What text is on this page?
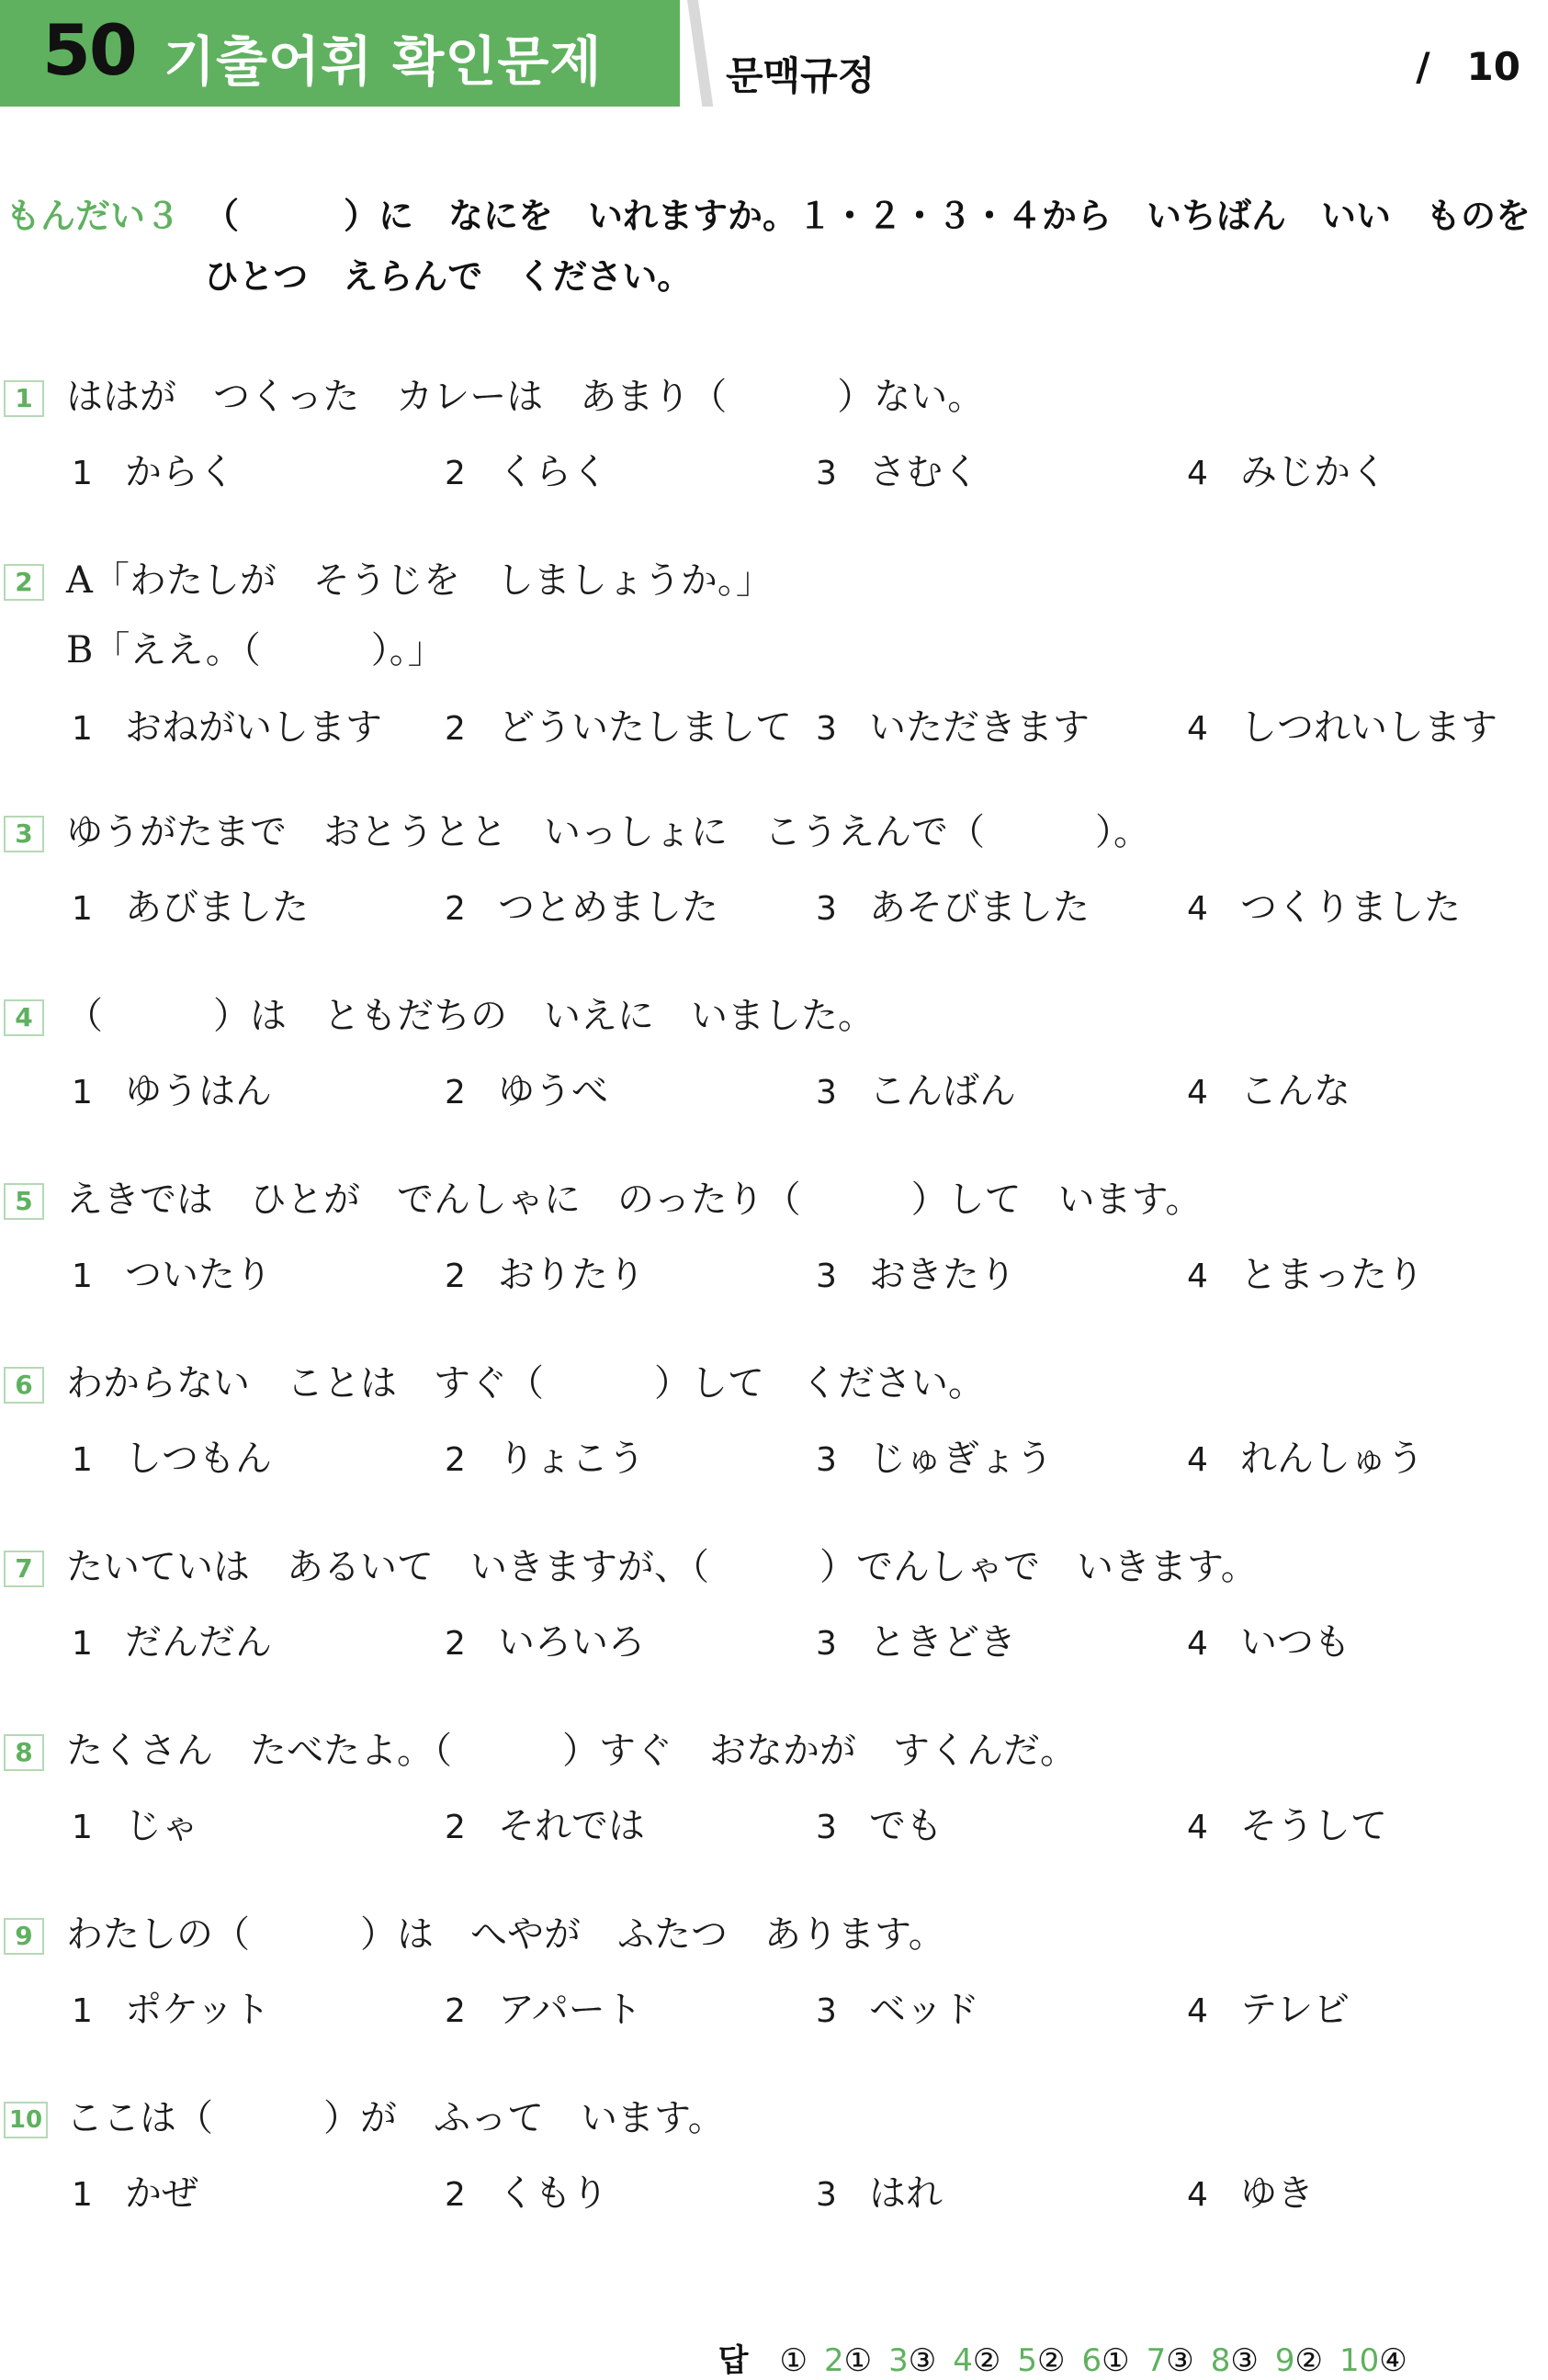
50 기출어휘 확인문제	문맥규정	/ 10
もんだい３ （　　　）に　なにを　いれますか。１・２・３・４から　いちばん　いい　ものを
ひとつ　えらんで　ください。
1 ははが　つくった　カレーは　あまり（　　　）ない。
1 からく	2 くらく	3 さむく	4 みじかく
2 A「わたしが　そうじを　しましょうか。」
B「ええ。（　　　）。」
1 おねがいします 2 どういたしまして 3 いただきます	4 しつれいします
3 ゆうがたまで　おとうとと　いっしょに　こうえんで（　　　）。
1 あびました	2 つとめました	3 あそびました	4 つくりました
4 （　　　）は　ともだちの　いえに　いました。
1 ゆうはん	2 ゆうべ	3 こんばん	4 こんな
5 えきでは　ひとが　でんしゃに　のったり（　　　）して　います。
1 ついたり	2 おりたり	3 おきたり	4 とまったり
6 わからない　ことは　すぐ（　　　）して　ください。
1 しつもん	2 りょこう	3 じゅぎょう	4 れんしゅう
7 たいていは　あるいて　いきますが、（　　　）でんしゃで　いきます。
1 だんだん	2 いろいろ	3 ときどき	4 いつも
8 たくさん　たべたよ。（　　　）すぐ　おなかが　すくんだ。
1 じゃ	2 それでは	3 でも	4 そうして
9 わたしの（　　　）は　へやが　ふたつ　あります。
1 ポケット	2 アパート	3 ベッド	4 テレビ
10 ここは（　　　）が　ふって　います。
1 かぜ	2 くもり	3 はれ	4 ゆき

답 ① 2① 3③ 4② 5② 6① 7③ 8③ 9② 10④
